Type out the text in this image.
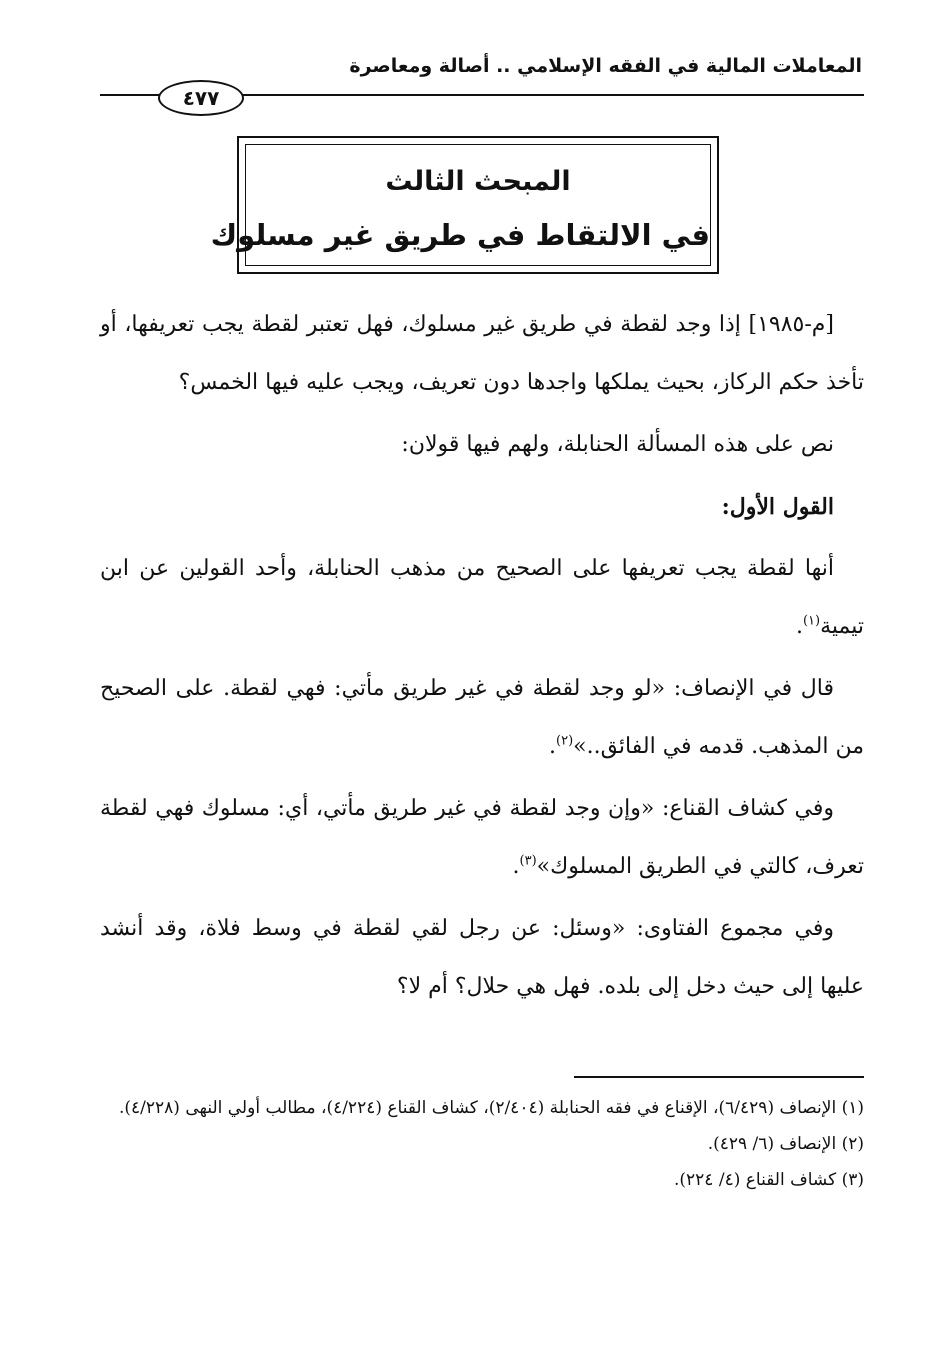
المعاملات المالية في الفقه الإسلامي .. أصالة ومعاصرة
٤٧٧
المبحث الثالث
في الالتقاط في طريق غير مسلوك

[م-١٩٨٥] إذا وجد لقطة في طريق غير مسلوك، فهل تعتبر لقطة يجب تعريفها، أو تأخذ حكم الركاز، بحيث يملكها واجدها دون تعريف، ويجب عليه فيها الخمس؟

نص على هذه المسألة الحنابلة، ولهم فيها قولان:

القول الأول:

أنها لقطة يجب تعريفها على الصحيح من مذهب الحنابلة، وأحد القولين عن ابن تيمية$^{(١)}$.

قال في الإنصاف: «لو وجد لقطة في غير طريق مأتي: فهي لقطة. على الصحيح من المذهب. قدمه في الفائق..»$^{(٢)}$.

وفي كشاف القناع: «وإن وجد لقطة في غير طريق مأتي، أي: مسلوك فهي لقطة تعرف، كالتي في الطريق المسلوك»$^{(٣)}$.

وفي مجموع الفتاوى: «وسئل: عن رجل لقي لقطة في وسط فلاة، وقد أنشد عليها إلى حيث دخل إلى بلده. فهل هي حلال؟ أم لا؟

(١) الإنصاف (٦/٤٢٩)، الإقناع في فقه الحنابلة (٢/٤٠٤)، كشاف القناع (٤/٢٢٤)، مطالب أولي النهى (٤/٢٢٨).

(٢) الإنصاف (٦/ ٤٢٩).

(٣) كشاف القناع (٤/ ٢٢٤).
